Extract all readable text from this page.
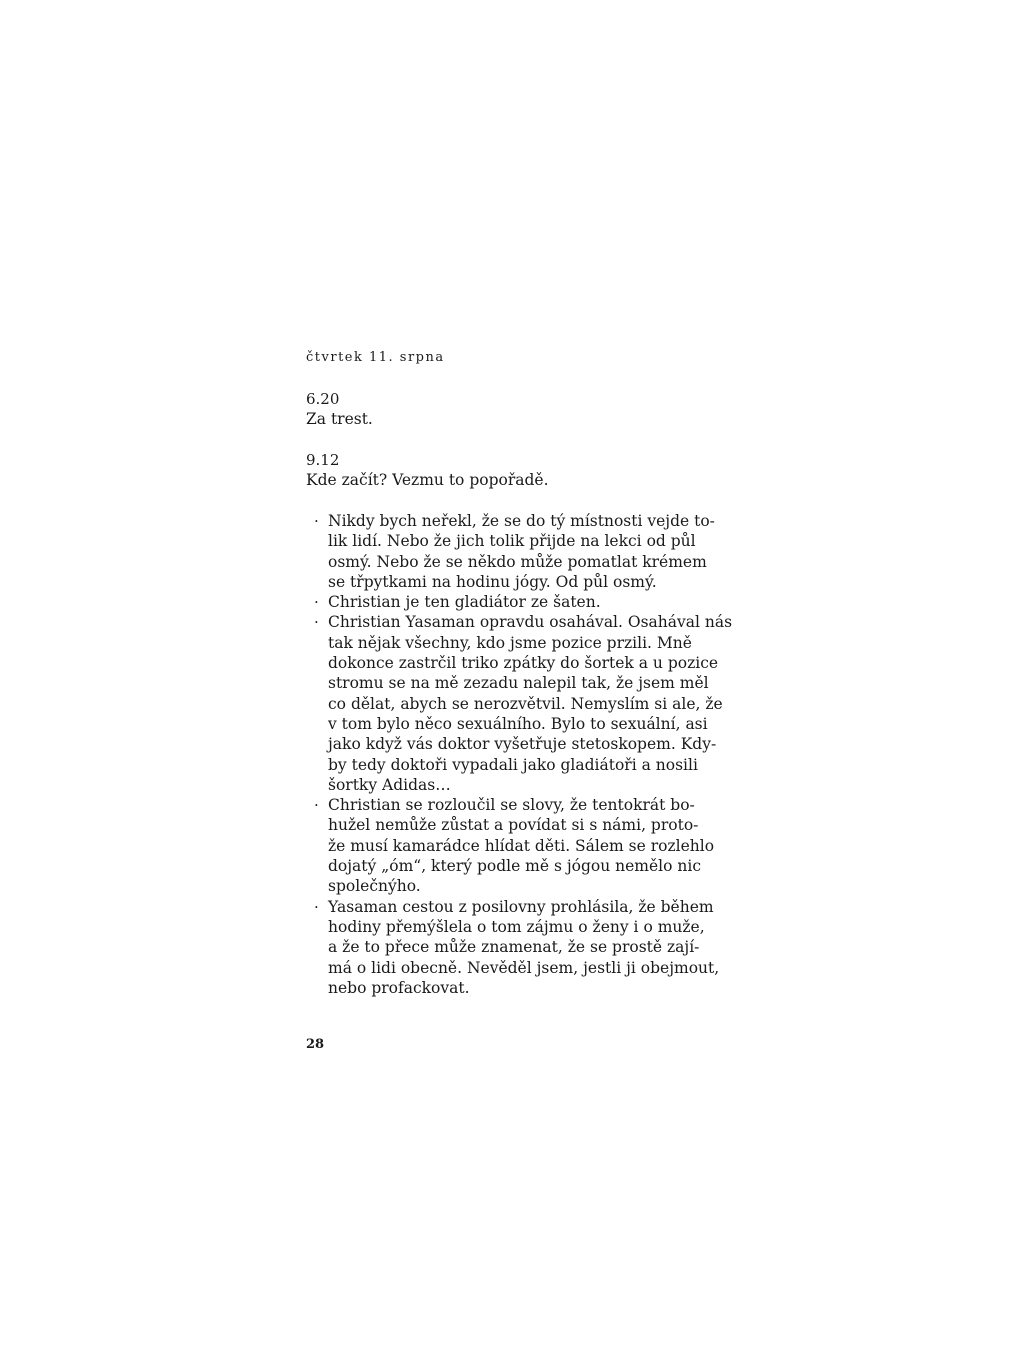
čtvrtek 11. srpna
6.20
Za trest.
9.12
Kde začít? Vezmu to popořadě.
· Nikdy bych neřekl, že se do tý místnosti vejde to-
lik lidí. Nebo že jich tolik přijde na lekci od půl
osmý. Nebo že se někdo může pomatlat krémem
se třpytkami na hodinu jógy. Od půl osmý.
· Christian je ten gladiátor ze šaten.
· Christian Yasaman opravdu osahával. Osahával nás
tak nějak všechny, kdo jsme pozice przili. Mně
dokonce zastrčil triko zpátky do šortek a u pozice
stromu se na mě zezadu nalepil tak, že jsem měl
co dělat, abych se nerozvětvil. Nemyslím si ale, že
v tom bylo něco sexuálního. Bylo to sexuální, asi
jako když vás doktor vyšetřuje stetoskopem. Kdy-
by tedy doktoři vypadali jako gladiátoři a nosili
šortky Adidas…
· Christian se rozloučil se slovy, že tentokrát bo-
hužel nemůže zůstat a povídat si s námi, proto-
že musí kamarádce hlídat děti. Sálem se rozlehlo
dojatý „óm“, který podle mě s jógou nemělo nic
společnýho.
· Yasaman cestou z posilovny prohlásila, že během
hodiny přemýšlela o tom zájmu o ženy i o muže,
a že to přece může znamenat, že se prostě zají-
má o lidi obecně. Nevěděl jsem, jestli ji obejmout,
nebo profackovat.
28
